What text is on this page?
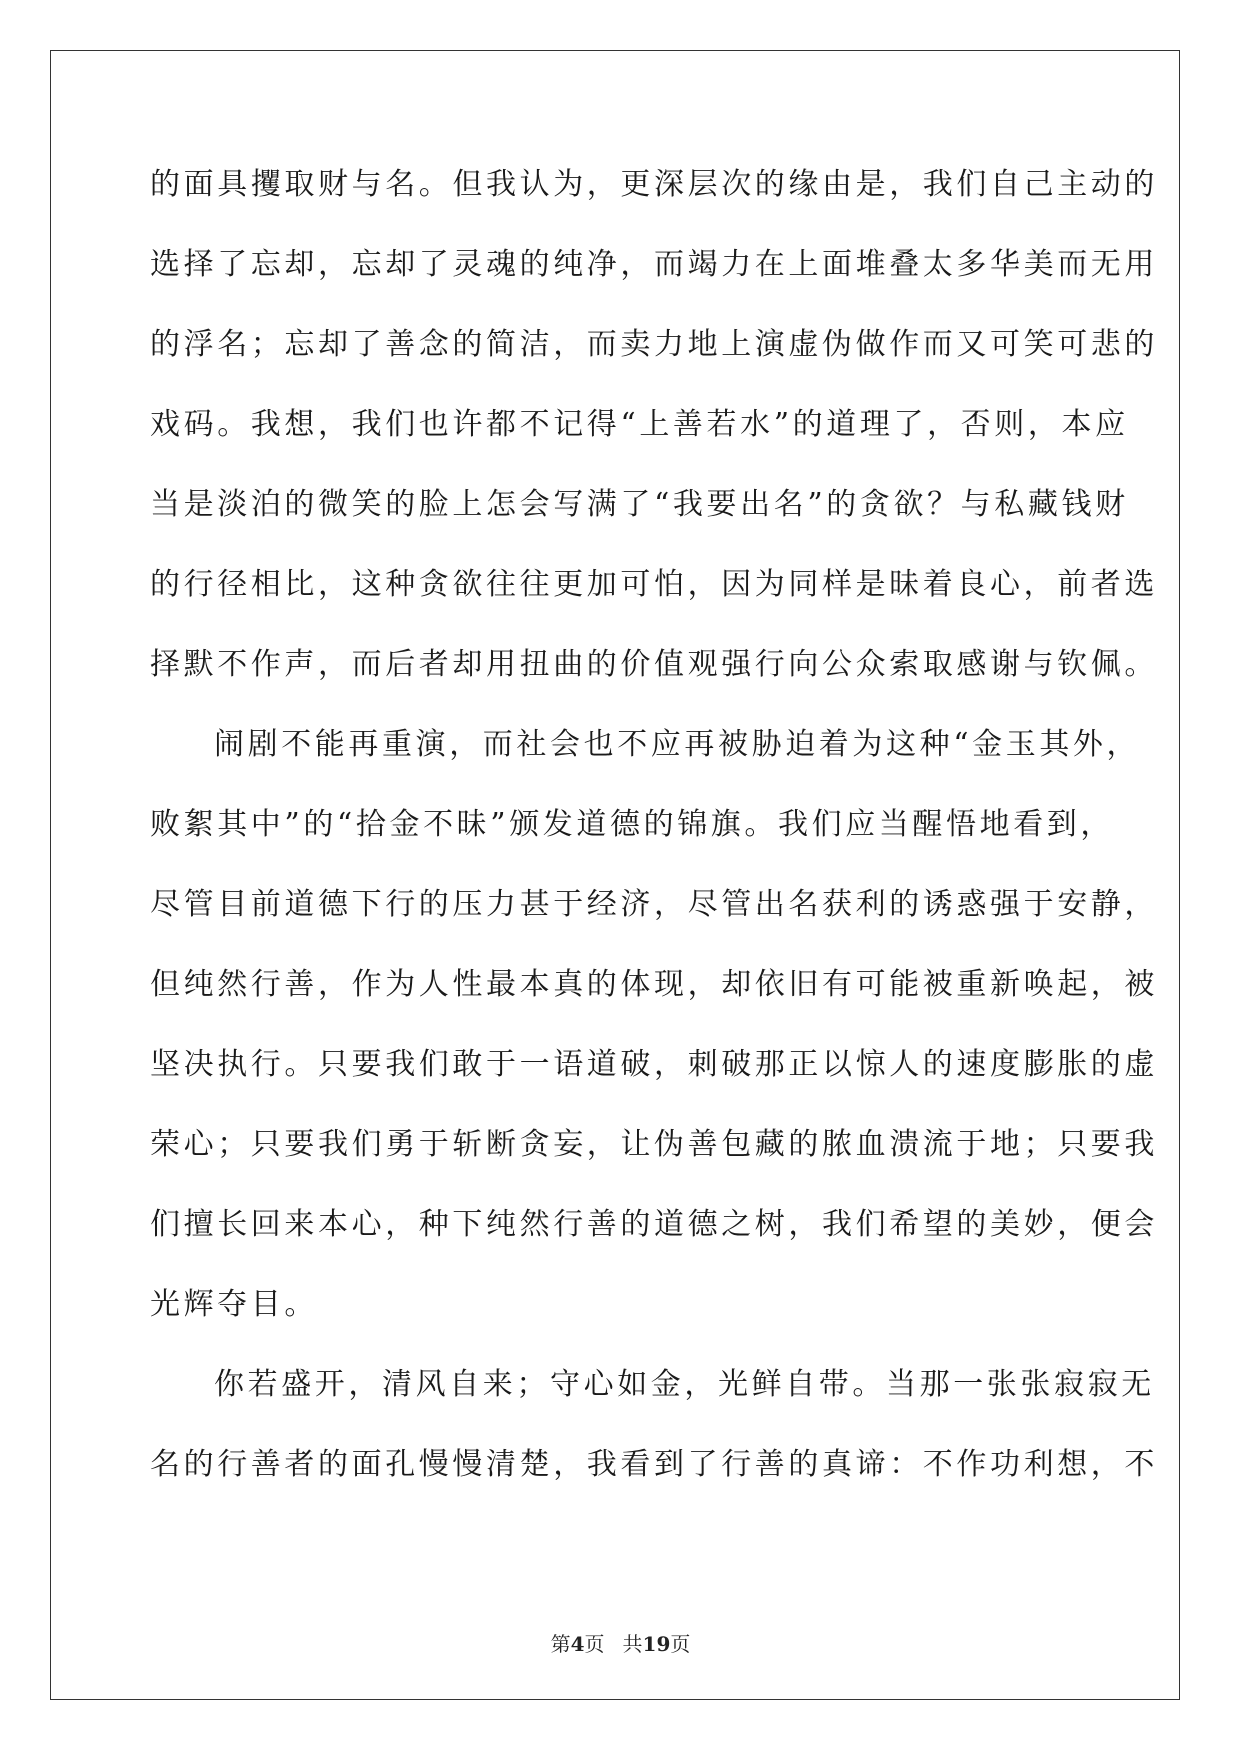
的面具攫取财与名。但我认为，更深层次的缘由是，我们自己主动的
选择了忘却，忘却了灵魂的纯净，而竭力在上面堆叠太多华美而无用
的浮名；忘却了善念的简洁，而卖力地上演虚伪做作而又可笑可悲的
戏码。我想，我们也许都不记得“上善若水”的道理了，否则，本应
当是淡泊的微笑的脸上怎会写满了“我要出名”的贪欲？与私藏钱财
的行径相比，这种贪欲往往更加可怕，因为同样是昧着良心，前者选
择默不作声，而后者却用扭曲的价值观强行向公众索取感谢与钦佩。
闹剧不能再重演，而社会也不应再被胁迫着为这种“金玉其外，
败絮其中”的“拾金不昧”颁发道德的锦旗。我们应当醒悟地看到，
尽管目前道德下行的压力甚于经济，尽管出名获利的诱惑强于安静，
但纯然行善，作为人性最本真的体现，却依旧有可能被重新唤起，被
坚决执行。只要我们敢于一语道破，刺破那正以惊人的速度膨胀的虚
荣心；只要我们勇于斩断贪妄，让伪善包藏的脓血溃流于地；只要我
们擅长回来本心，种下纯然行善的道德之树，我们希望的美妙，便会
光辉夺目。
你若盛开，清风自来；守心如金，光鲜自带。当那一张张寂寂无
名的行善者的面孔慢慢清楚，我看到了行善的真谛：不作功利想，不
第4页 共19页
